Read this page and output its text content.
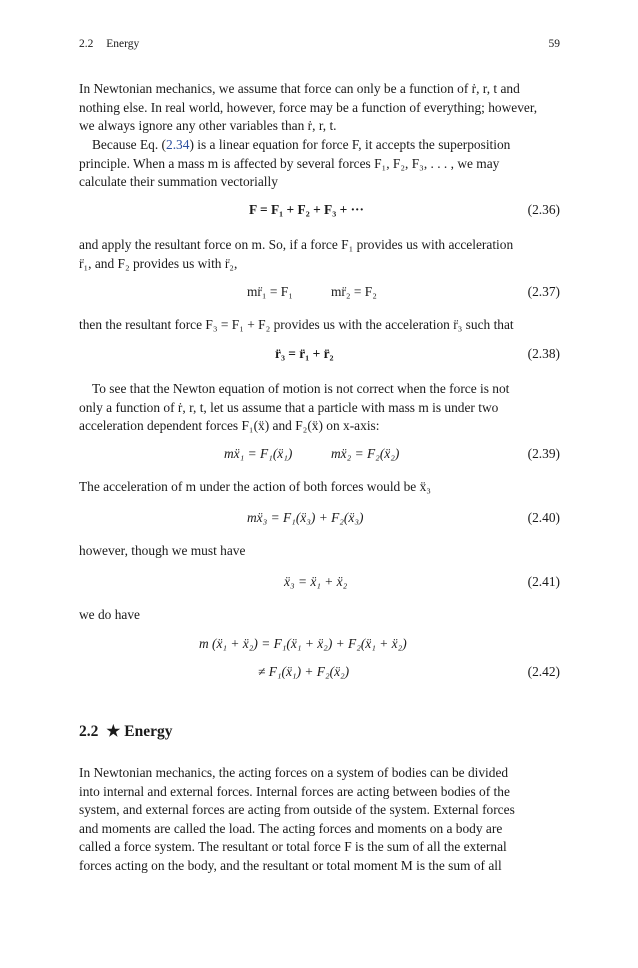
2.2 Energy	59
In Newtonian mechanics, we assume that force can only be a function of ṙ, r, t and
nothing else. In real world, however, force may be a function of everything; however,
we always ignore any other variables than ṙ, r, t.
Because Eq. (2.34) is a linear equation for force F, it accepts the superposition
principle. When a mass m is affected by several forces F₁, F₂, F₃, . . . , we may
calculate their summation vectorially
F = F₁ + F₂ + F₃ + ···	(2.36)
and apply the resultant force on m. So, if a force F₁ provides us with acceleration
r̈₁, and F₂ provides us with r̈₂,
mr̈₁ = F₁	mr̈₂ = F₂	(2.37)
then the resultant force F₃ = F₁ + F₂ provides us with the acceleration r̈₃ such that
r̈₃ = r̈₁ + r̈₂	(2.38)
To see that the Newton equation of motion is not correct when the force is not
only a function of ṙ, r, t, let us assume that a particle with mass m is under two
acceleration dependent forces F₁(ẍ) and F₂(ẍ) on x-axis:
mẍ₁ = F₁(ẍ₁)	mẍ₂ = F₂(ẍ₂)	(2.39)
The acceleration of m under the action of both forces would be ẍ₃
mẍ₃ = F₁(ẍ₃) + F₂(ẍ₃)	(2.40)
however, though we must have
ẍ₃ = ẍ₁ + ẍ₂	(2.41)
we do have
m (ẍ₁ + ẍ₂) = F₁(ẍ₁ + ẍ₂) + F₂(ẍ₁ + ẍ₂)
≠ F₁(ẍ₁) + F₂(ẍ₂)	(2.42)
2.2 ★ Energy
In Newtonian mechanics, the acting forces on a system of bodies can be divided
into internal and external forces. Internal forces are acting between bodies of the
system, and external forces are acting from outside of the system. External forces
and moments are called the load. The acting forces and moments on a body are
called a force system. The resultant or total force F is the sum of all the external
forces acting on the body, and the resultant or total moment M is the sum of all
